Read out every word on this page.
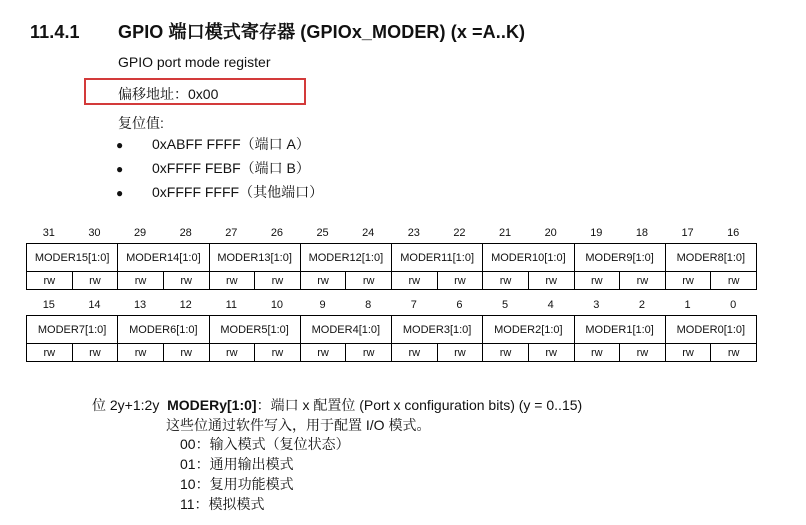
11.4.1 GPIO 端口模式寄存器 (GPIOx_MODER) (x =A..K)
GPIO port mode register
偏移地址：0x00
复位值:
● 0xABFF FFFF（端口 A）
● 0xFFFF FEBF（端口 B）
● 0xFFFF FFFF（其他端口）
31	30	29	28	27	26	25	24	23	22	21	20	19	18	17	16
MODER15[1:0]		MODER14[1:0]		MODER13[1:0]		MODER12[1:0]		MODER11[1:0]		MODER10[1:0]		MODER9[1:0]		MODER8[1:0]	
rw	rw	rw	rw	rw	rw	rw	rw	rw	rw	rw	rw	rw	rw	rw	rw
15	14	13	12	11	10	9	8	7	6	5	4	3	2	1	0
MODER7[1:0]		MODER6[1:0]		MODER5[1:0]		MODER4[1:0]		MODER3[1:0]		MODER2[1:0]		MODER1[1:0]		MODER0[1:0]	
rw	rw	rw	rw	rw	rw	rw	rw	rw	rw	rw	rw	rw	rw	rw	rw
位 2y+1:2y MODERy[1:0]：端口 x 配置位 (Port x configuration bits) (y = 0..15)
这些位通过软件写入，用于配置 I/O 模式。
00：输入模式（复位状态）
01：通用输出模式
10：复用功能模式
11：模拟模式
